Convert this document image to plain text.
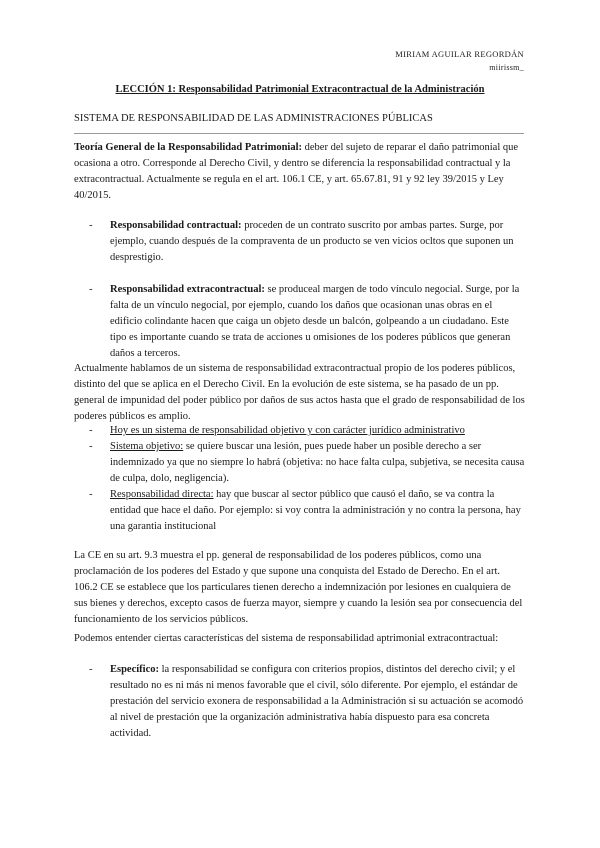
MIRIAM AGUILAR REGORDÁN
miirissm_
LECCIÓN 1: Responsabilidad Patrimonial Extracontractual de la Administración
SISTEMA DE RESPONSABILIDAD DE LAS ADMINISTRACIONES PÚBLICAS

Teoría General de la Responsabilidad Patrimonial: deber del sujeto de reparar el daño patrimonial que ocasiona a otro. Corresponde al Derecho Civil, y dentro se diferencia la responsabilidad contractual y la extracontractual. Actualmente se regula en el art. 106.1 CE, y art. 65.67.81, 91 y 92 ley 39/2015 y Ley 40/2015.

- Responsabilidad contractual: proceden de un contrato suscrito por ambas partes. Surge, por ejemplo, cuando después de la compraventa de un producto se ven vicios ocltos que suponen un desprestigio.
- Responsabilidad extracontractual: se produceal margen de todo vínculo negocial. Surge, por la falta de un vínculo negocial, por ejemplo, cuando los daños que ocasionan unas obras en el edificio colindante hacen que caiga un objeto desde un balcón, golpeando a un ciudadano. Este tipo es importante cuando se trata de acciones u omisiones de los poderes públicos que generan daños a terceros.

Actualmente hablamos de un sistema de responsabilidad extracontractual propio de los poderes públicos, distinto del que se aplica en el Derecho Civil. En la evolución de este sistema, se ha pasado de un pp. general de impunidad del poder público por daños de sus actos hasta que el grado de responsabilidad de los poderes públicos es amplio.

- Hoy es un sistema de responsabilidad objetivo y con carácter jurídico administrativo
- Sistema objetivo: se quiere buscar una lesión, pues puede haber un posible derecho a ser indemnizado ya que no siempre lo habrá (objetiva: no hace falta culpa, subjetiva, se necesita causa de culpa, dolo, negligencia).
- Responsabilidad directa: hay que buscar al sector público que causó el daño, se va contra la entidad que hace el daño. Por ejemplo: si voy contra la administración y no contra la persona, hay una garantia institucional

La CE en su art. 9.3 muestra el pp. general de responsabilidad de los poderes públicos, como una proclamación de los poderes del Estado y que supone una conquista del Estado de Derecho. En el art. 106.2 CE se establece que los particulares tienen derecho a indemnización por lesiones en cualquiera de sus bienes y derechos, excepto casos de fuerza mayor, siempre y cuando la lesión sea por consecuencia del funcionamiento de los servicios públicos.

Podemos entender ciertas características del sistema de responsabilidad aptrimonial extracontractual:

- Específico: la responsabilidad se configura con criterios propios, distintos del derecho civil; y el resultado no es ni más ni menos favorable que el civil, sólo diferente. Por ejemplo, el estándar de prestación del servicio exonera de responsabilidad a la Administración si su actuación se acomodó al nivel de prestación que la organización administrativa había dispuesto para esa concreta actividad.
